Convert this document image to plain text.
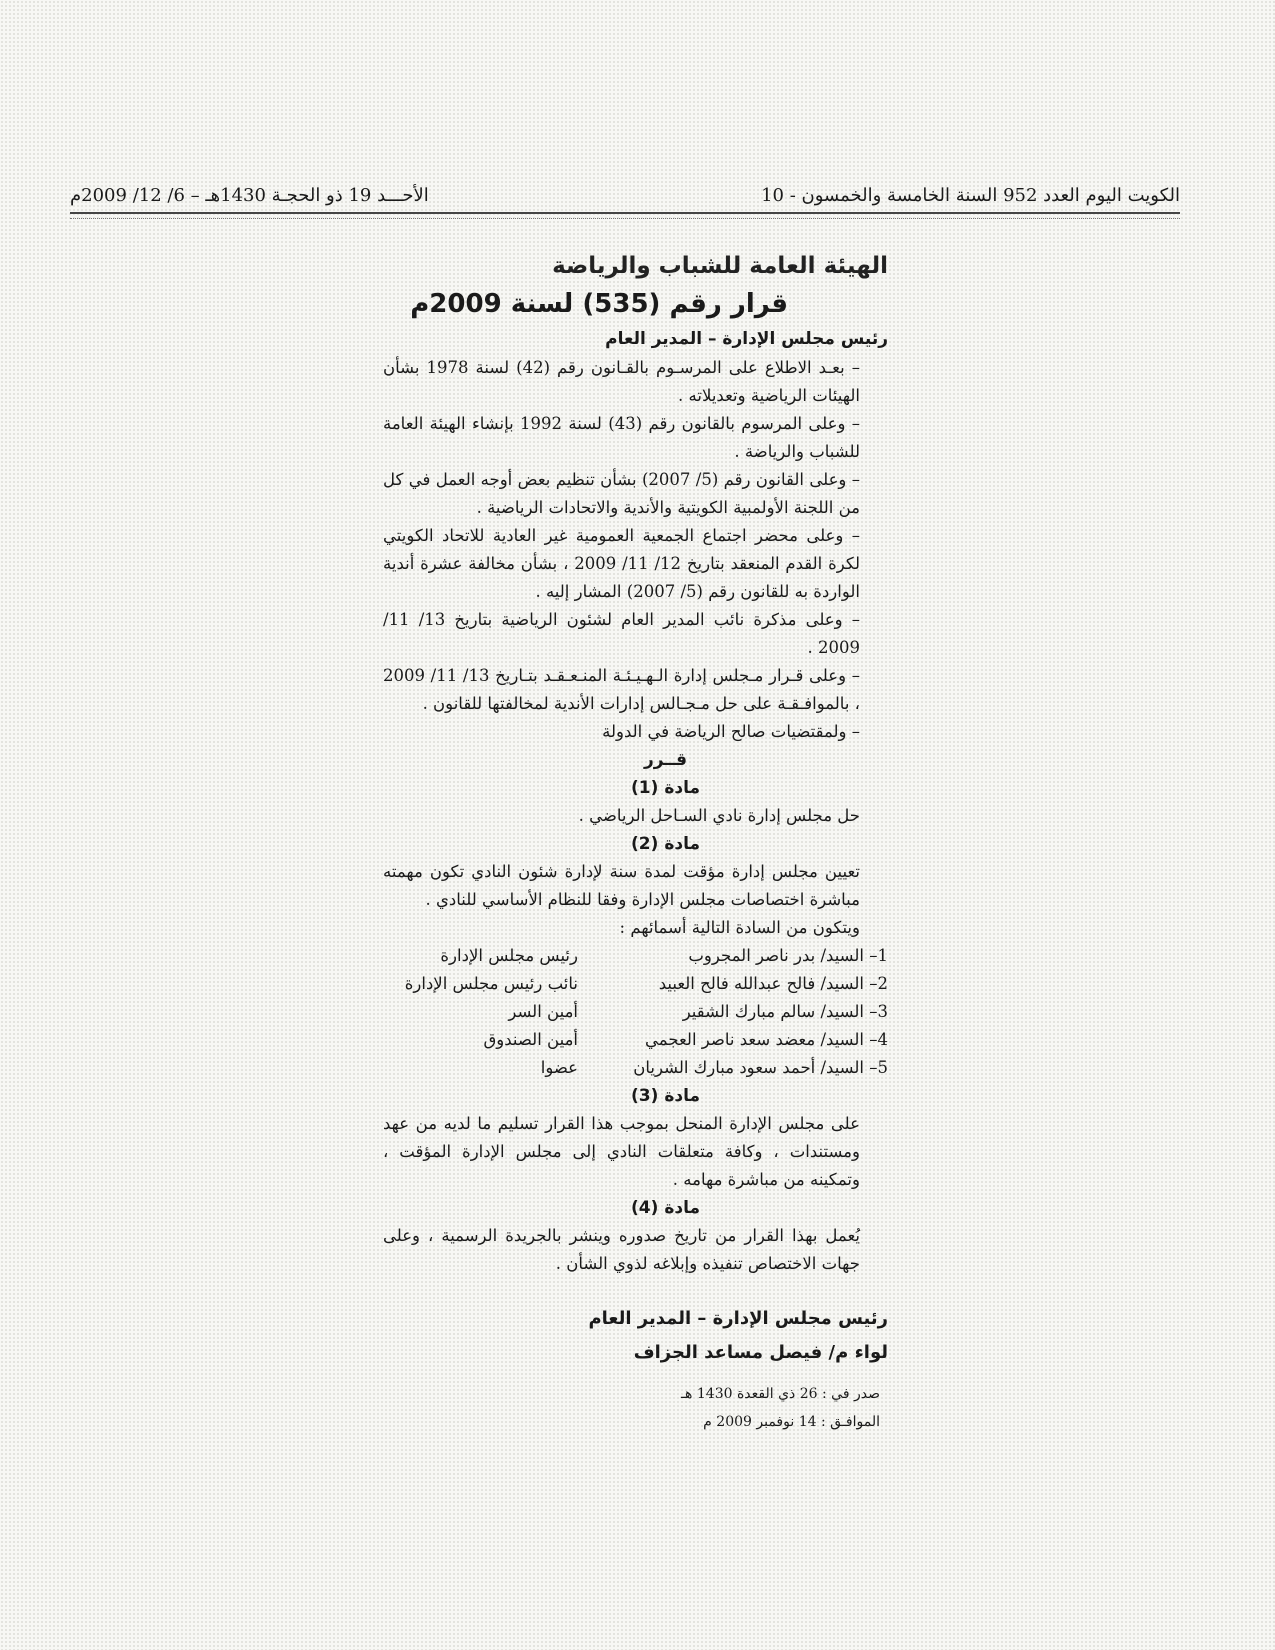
الكويت اليوم العدد 952 السنة الخامسة والخمسون - 10
الأحـــد 19 ذو الحجـة 1430هـ – 6/ 12/ 2009م
الهيئة العامة للشباب والرياضة
قرار رقم (535) لسنة 2009م
رئيس مجلس الإدارة – المدير العام

– بعـد الاطلاع على المرسـوم بالقـانون رقم (42) لسنة 1978 بشأن الهيئات الرياضية وتعديلاته .

– وعلى المرسوم بالقانون رقم (43) لسنة 1992 بإنشاء الهيئة العامة للشباب والرياضة .

– وعلى القانون رقم (5/ 2007) بشأن تنظيم بعض أوجه العمل في كل من اللجنة الأولمبية الكويتية والأندية والاتحادات الرياضية .

– وعلى محضر اجتماع الجمعية العمومية غير العادية للاتحاد الكويتي لكرة القدم المنعقد بتاريخ 12/ 11/ 2009 ، بشأن مخالفة عشرة أندية الواردة به للقانون رقم (5/ 2007) المشار إليه .

– وعلى مذكرة نائب المدير العام لشئون الرياضية بتاريخ 13/ 11/ 2009 .

– وعلى قـرار مـجلس إدارة الـهـيـئـة المنـعـقـد بتـاريخ 13/ 11/ 2009 ، بالموافـقـة على حل مـجـالس إدارات الأندية لمخالفتها للقانون .

– ولمقتضيات صالح الرياضة في الدولة

قــرر
مادة (1)

حل مجلس إدارة نادي السـاحل الرياضي .

مادة (2)

تعيين مجلس إدارة مؤقت لمدة سنة لإدارة شئون النادي تكون مهمته مباشرة اختصاصات مجلس الإدارة وفقا للنظام الأساسي للنادي .

ويتكون من السادة التالية أسمائهم :

1– السيد/ بدر ناصر المجروب
رئيس مجلس الإدارة
2– السيد/ فالح عبدالله فالح العبيد
نائب رئيس مجلس الإدارة
3– السيد/ سالم مبارك الشقير
أمين السر
4– السيد/ معضد سعد ناصر العجمي
أمين الصندوق
5– السيد/ أحمد سعود مبارك الشريان
عضوا
مادة (3)

على مجلس الإدارة المنحل بموجب هذا القرار تسليم ما لديه من عهد ومستندات ، وكافة متعلقات النادي إلى مجلس الإدارة المؤقت ، وتمكينه من مباشرة مهامه .

مادة (4)

يُعمل بهذا القرار من تاريخ صدوره وينشر بالجريدة الرسمية ، وعلى جهات الاختصاص تنفيذه وإبلاغه لذوي الشأن .

رئيس مجلس الإدارة – المدير العام
لواء م/ فيصل مساعد الجزاف
صدر في : 26 ذي القعدة 1430 هـ
الموافـق : 14 نوفمبر 2009 م
